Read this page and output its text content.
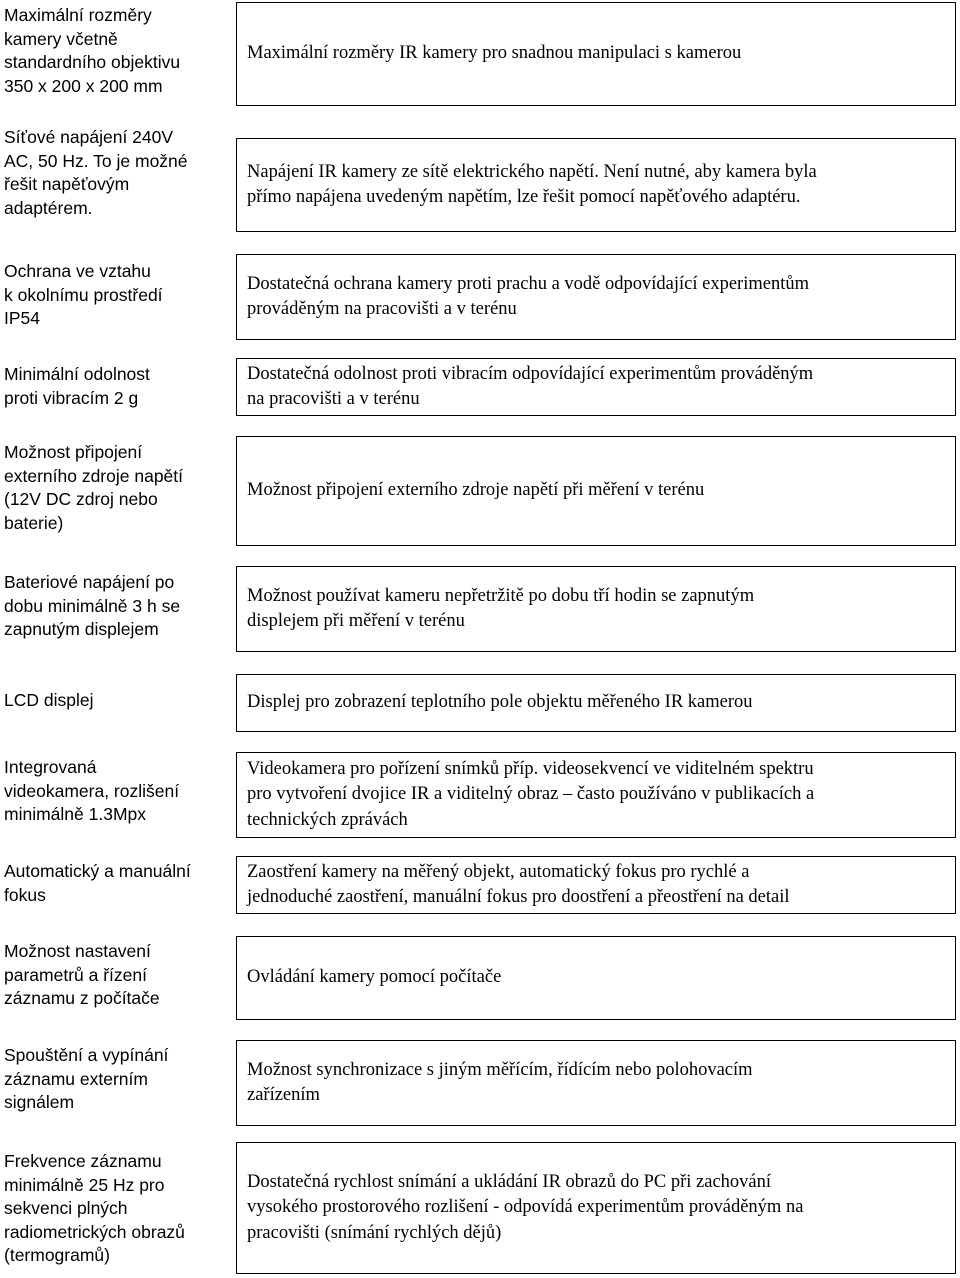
Maximální rozměry
kamery včetně
standardního objektivu
350 x 200 x 200 mm
Síťové napájení 240V
AC, 50 Hz. To je možné
řešit napěťovým
adaptérem.
Ochrana ve vztahu
k okolnímu prostředí
IP54
Minimální odolnost
proti vibracím 2 g
Možnost připojení
externího zdroje napětí
(12V DC zdroj nebo
baterie)
Bateriové napájení po
dobu minimálně 3 h se
zapnutým displejem
LCD displej
Integrovaná
videokamera, rozlišení
minimálně 1.3Mpx
Automatický a manuální
fokus
Možnost nastavení
parametrů a řízení
záznamu z počítače
Spouštění a vypínání
záznamu externím
signálem
Frekvence záznamu
minimálně 25 Hz pro
sekvenci plných
radiometrických obrazů
(termogramů)
Maximální rozměry IR kamery pro snadnou manipulaci s kamerou
Napájení IR kamery ze sítě elektrického napětí. Není nutné, aby kamera byla
přímo napájena uvedeným napětím, lze řešit pomocí napěťového adaptéru.
Dostatečná ochrana kamery proti prachu a vodě odpovídající experimentům
prováděným na pracovišti a v terénu
Dostatečná odolnost proti vibracím odpovídající experimentům prováděným
na pracovišti a v terénu
Možnost připojení externího zdroje napětí při měření v terénu
Možnost používat kameru nepřetržitě po dobu tří hodin se zapnutým
displejem při měření v terénu
Displej pro zobrazení teplotního pole objektu měřeného IR kamerou
Videokamera pro pořízení snímků příp. videosekvencí ve viditelném spektru
pro vytvoření dvojice IR a viditelný obraz – často používáno v publikacích a
technických zprávách
Zaostření kamery na měřený objekt, automatický fokus pro rychlé a
jednoduché zaostření, manuální fokus pro doostření a přeostření na detail
Ovládání kamery pomocí počítače
Možnost synchronizace s jiným měřícím, řídícím nebo polohovacím
zařízením
Dostatečná rychlost snímání a ukládání IR obrazů do PC při zachování
vysokého prostorového rozlišení - odpovídá experimentům prováděným na
pracovišti (snímání rychlých dějů)
